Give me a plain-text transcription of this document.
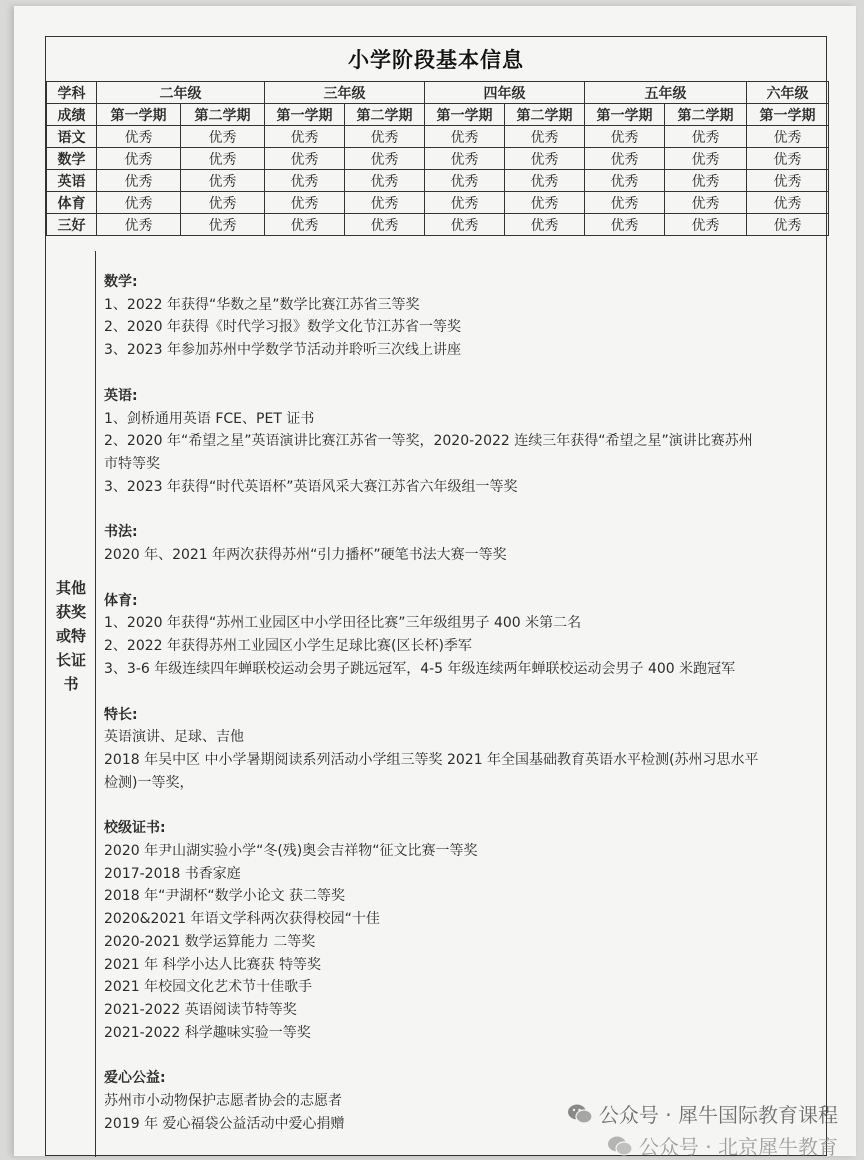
小学阶段基本信息
学科	二年级		三年级		四年级		五年级		六年级
成绩	第一学期	第二学期	第一学期	第二学期	第一学期	第二学期	第一学期	第二学期	第一学期
语文	优秀	优秀	优秀	优秀	优秀	优秀	优秀	优秀	优秀
数学	优秀	优秀	优秀	优秀	优秀	优秀	优秀	优秀	优秀
英语	优秀	优秀	优秀	优秀	优秀	优秀	优秀	优秀	优秀
体育	优秀	优秀	优秀	优秀	优秀	优秀	优秀	优秀	优秀
三好	优秀	优秀	优秀	优秀	优秀	优秀	优秀	优秀	优秀
其他
获奖
或特
长证
书
数学:
1、2022 年获得“华数之星”数学比赛江苏省三等奖
2、2020 年获得《时代学习报》数学文化节江苏省一等奖
3、2023 年参加苏州中学数学节活动并聆听三次线上讲座
英语:
1、剑桥通用英语 FCE、PET 证书
2、2020 年“希望之星”英语演讲比赛江苏省一等奖，2020-2022 连续三年获得“希望之星”演讲比赛苏州
市特等奖
3、2023 年获得“时代英语杯”英语风采大赛江苏省六年级组一等奖
书法:
2020 年、2021 年两次获得苏州“引力播杯”硬笔书法大赛一等奖
体育:
1、2020 年获得“苏州工业园区中小学田径比赛”三年级组男子 400 米第二名
2、2022 年获得苏州工业园区小学生足球比赛(区长杯)季军
3、3-6 年级连续四年蝉联校运动会男子跳远冠军，4-5 年级连续两年蝉联校运动会男子 400 米跑冠军
特长:
英语演讲、足球、吉他
2018 年吴中区 中小学暑期阅读系列活动小学组三等奖 2021 年全国基础教育英语水平检测(苏州习思水平
检测)一等奖，
校级证书:
2020 年尹山湖实验小学“冬(残)奥会吉祥物“征文比赛一等奖
2017-2018 书香家庭
2018 年“尹湖杯“数学小论文 获二等奖
2020&2021 年语文学科两次获得校园“十佳
2020-2021 数学运算能力 二等奖
2021 年 科学小达人比赛获 特等奖
2021 年校园文化艺术节十佳歌手
2021-2022 英语阅读节特等奖
2021-2022 科学趣味实验一等奖
爱心公益:
苏州市小动物保护志愿者协会的志愿者
2019 年 爱心福袋公益活动中爱心捐赠	公众号 · 犀牛国际教育课程
公众号 · 北京犀牛教育
